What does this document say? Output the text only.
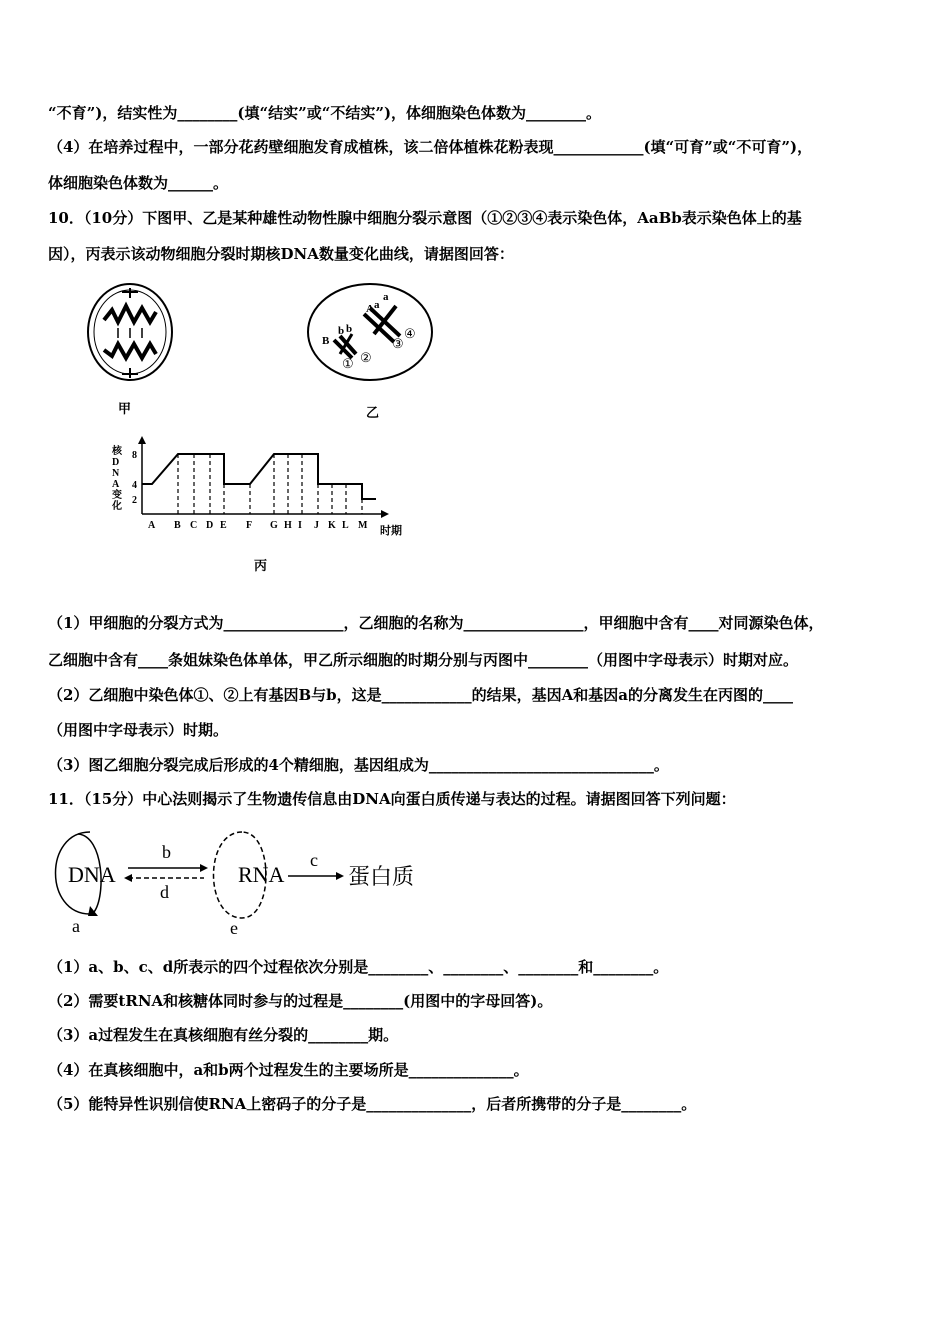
“不育”)，结实性为________(填“结实”或“不结实”)，体细胞染色体数为________。
（4）在培养过程中，一部分花药壁细胞发育成植株，该二倍体植株花粉表现____________(填“可育”或“不可育”)，
体细胞染色体数为______。
10．（10分）下图甲、乙是某种雄性动物性腺中细胞分裂示意图（①②③④表示染色体，AaBb表示染色体上的基
因），丙表示该动物细胞分裂时期核DNA数量变化曲线，请据图回答：
甲
A a
a
B
b b	④
③
②
①
乙
核 D N A 变化
2
4
8
A B C D E F G H I J K L M 时期
丙
（1）甲细胞的分裂方式为________________，乙细胞的名称为________________，甲细胞中含有____对同源染色体，
乙细胞中含有____条姐妹染色体单体，甲乙所示细胞的时期分别与丙图中________（用图中字母表示）时期对应。
（2）乙细胞中染色体①、②上有基因B与b，这是____________的结果，基因A和基因a的分离发生在丙图的____
（用图中字母表示）时期。
（3）图乙细胞分裂完成后形成的4个精细胞，基因组成为______________________________。
11．（15分）中心法则揭示了生物遗传信息由DNA向蛋白质传递与表达的过程。请据图回答下列问题：
DNA
a
b
d
RNA
e
c
蛋白质
（1）a、b、c、d所表示的四个过程依次分别是________、________、________和________。
（2）需要tRNA和核糖体同时参与的过程是________(用图中的字母回答)。
（3）a过程发生在真核细胞有丝分裂的________期。
（4）在真核细胞中，a和b两个过程发生的主要场所是______________。
（5）能特异性识别信使RNA上密码子的分子是______________，后者所携带的分子是________。
